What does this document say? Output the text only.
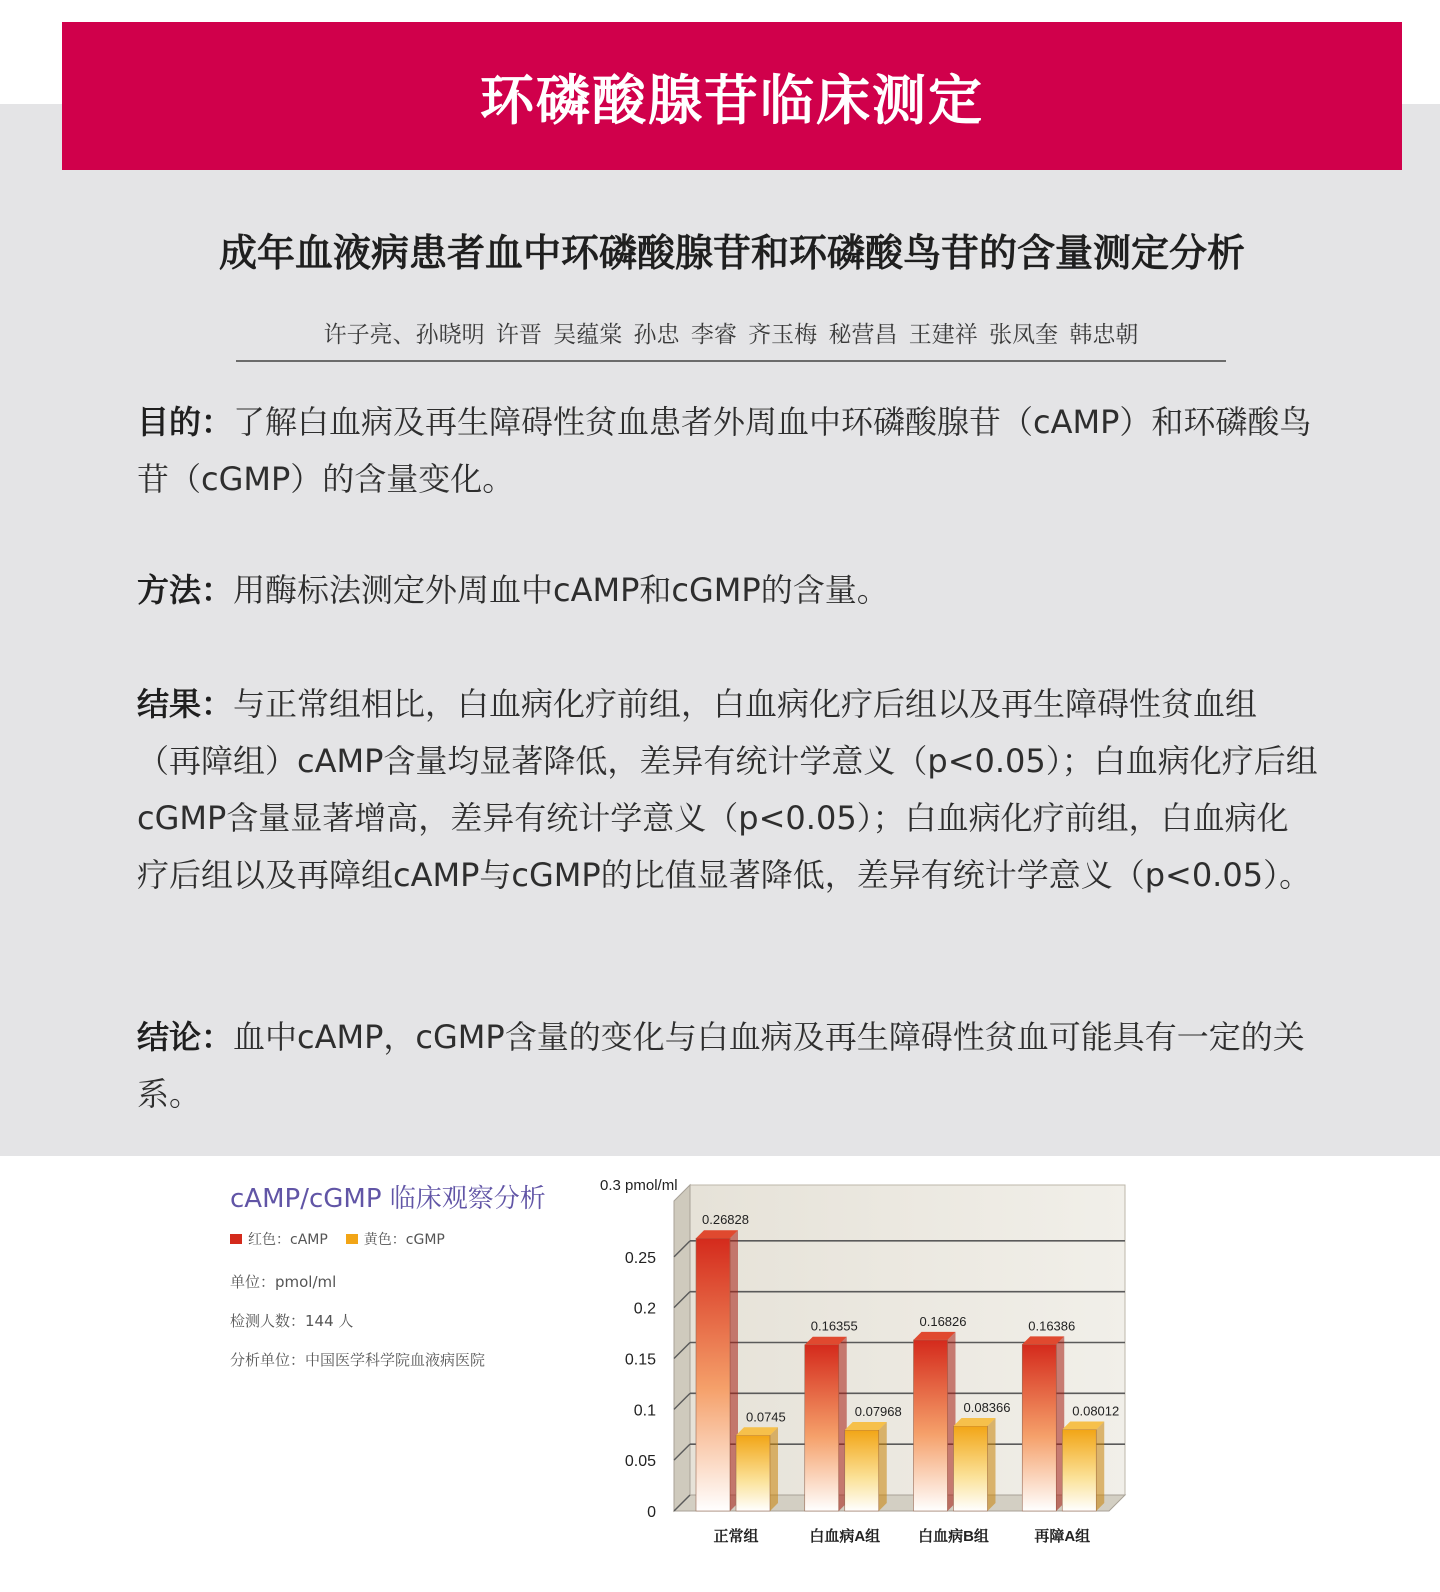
环磷酸腺苷临床测定
成年血液病患者血中环磷酸腺苷和环磷酸鸟苷的含量测定分析
许子亮、孙晓明 许晋 吴蕴棠 孙忠 李睿 齐玉梅 秘营昌 王建祥 张凤奎 韩忠朝
目的：了解白血病及再生障碍性贫血患者外周血中环磷酸腺苷（cAMP）和环磷酸鸟苷（cGMP）的含量变化。
方法：用酶标法测定外周血中cAMP和cGMP的含量。
结果：与正常组相比，白血病化疗前组，白血病化疗后组以及再生障碍性贫血组（再障组）cAMP含量均显著降低，差异有统计学意义（p<0.05）；白血病化疗后组cGMP含量显著增高，差异有统计学意义（p<0.05）；白血病化疗前组，白血病化疗后组以及再障组cAMP与cGMP的比值显著降低，差异有统计学意义（p<0.05）。
结论：血中cAMP，cGMP含量的变化与白血病及再生障碍性贫血可能具有一定的关系。
cAMP/cGMP 临床观察分析
红色：cAMP	黄色：cGMP
单位：pmol/ml
检测人数：144 人
分析单位：中国医学科学院血液病医院
0
0.05
0.1
0.15
0.2
0.25
0.3 pmol/ml
0.26828
0.0745
正常组
0.16355
0.07968
白血病A组
0.16826
0.08366
白血病B组
0.16386
0.08012
再障A组
